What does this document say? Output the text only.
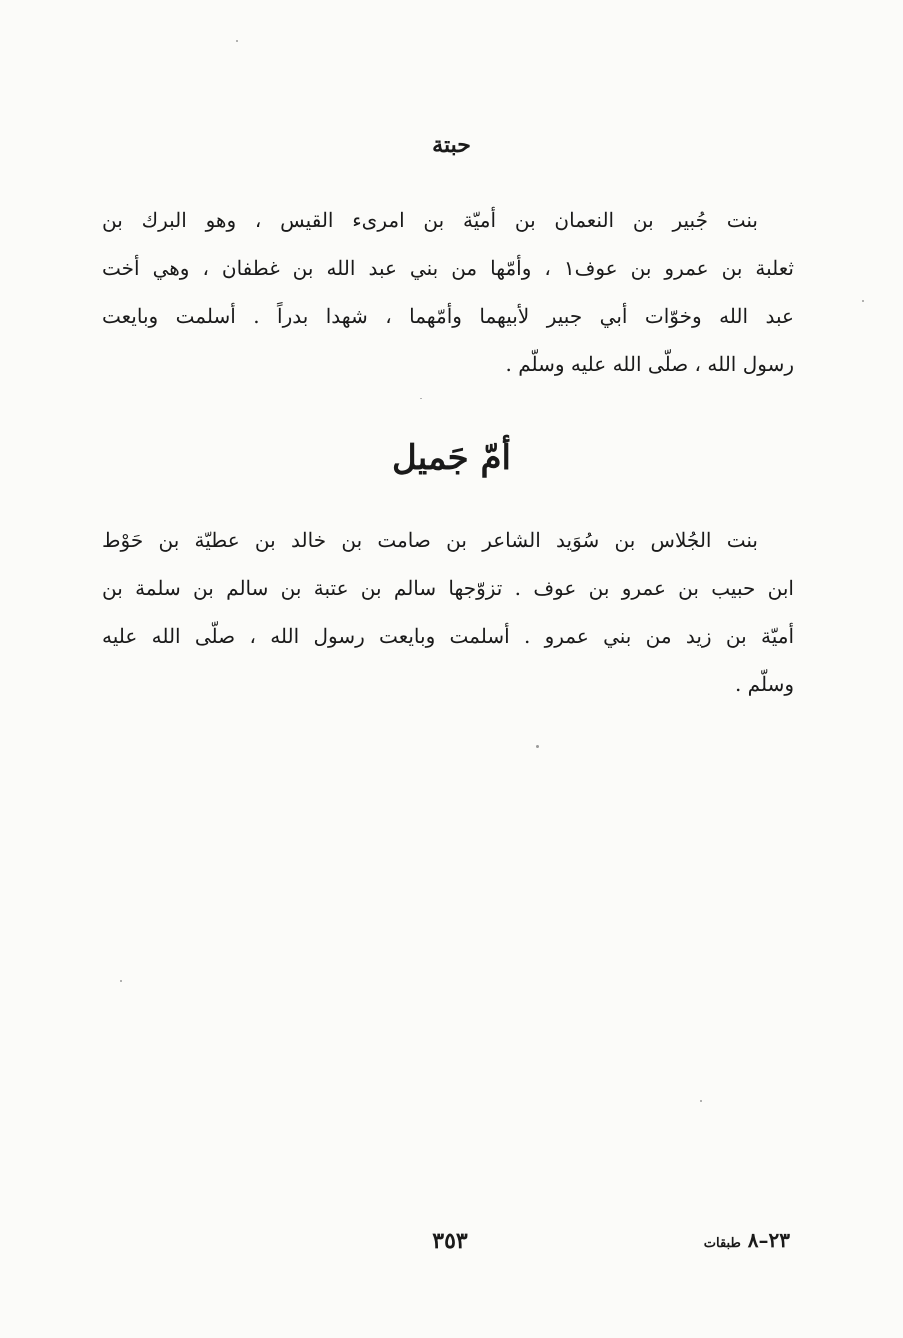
حبتة
بنت جُبير بن النعمان بن أميّة بن امرىء القيس ، وهو البرك بن
ثعلبة بن عمرو بن عوف١ ، وأمّها من بني عبد الله بن غطفان ، وهي أخت
عبد الله وخوّات أبي جبير لأبيهما وأمّهما ، شهدا بدراً . أسلمت وبايعت
رسول الله ، صلّى الله عليه وسلّم .
أمّ جَميل
بنت الجُلاس بن سُوَيد الشاعر بن صامت بن خالد بن عطيّة بن حَوْط
ابن حبيب بن عمرو بن عوف . تزوّجها سالم بن عتبة بن سالم بن سلمة بن
أميّة بن زيد من بني عمرو . أسلمت وبايعت رسول الله ، صلّى الله عليه
وسلّم .
٣٥٣	٢٣–٨ طبقات
